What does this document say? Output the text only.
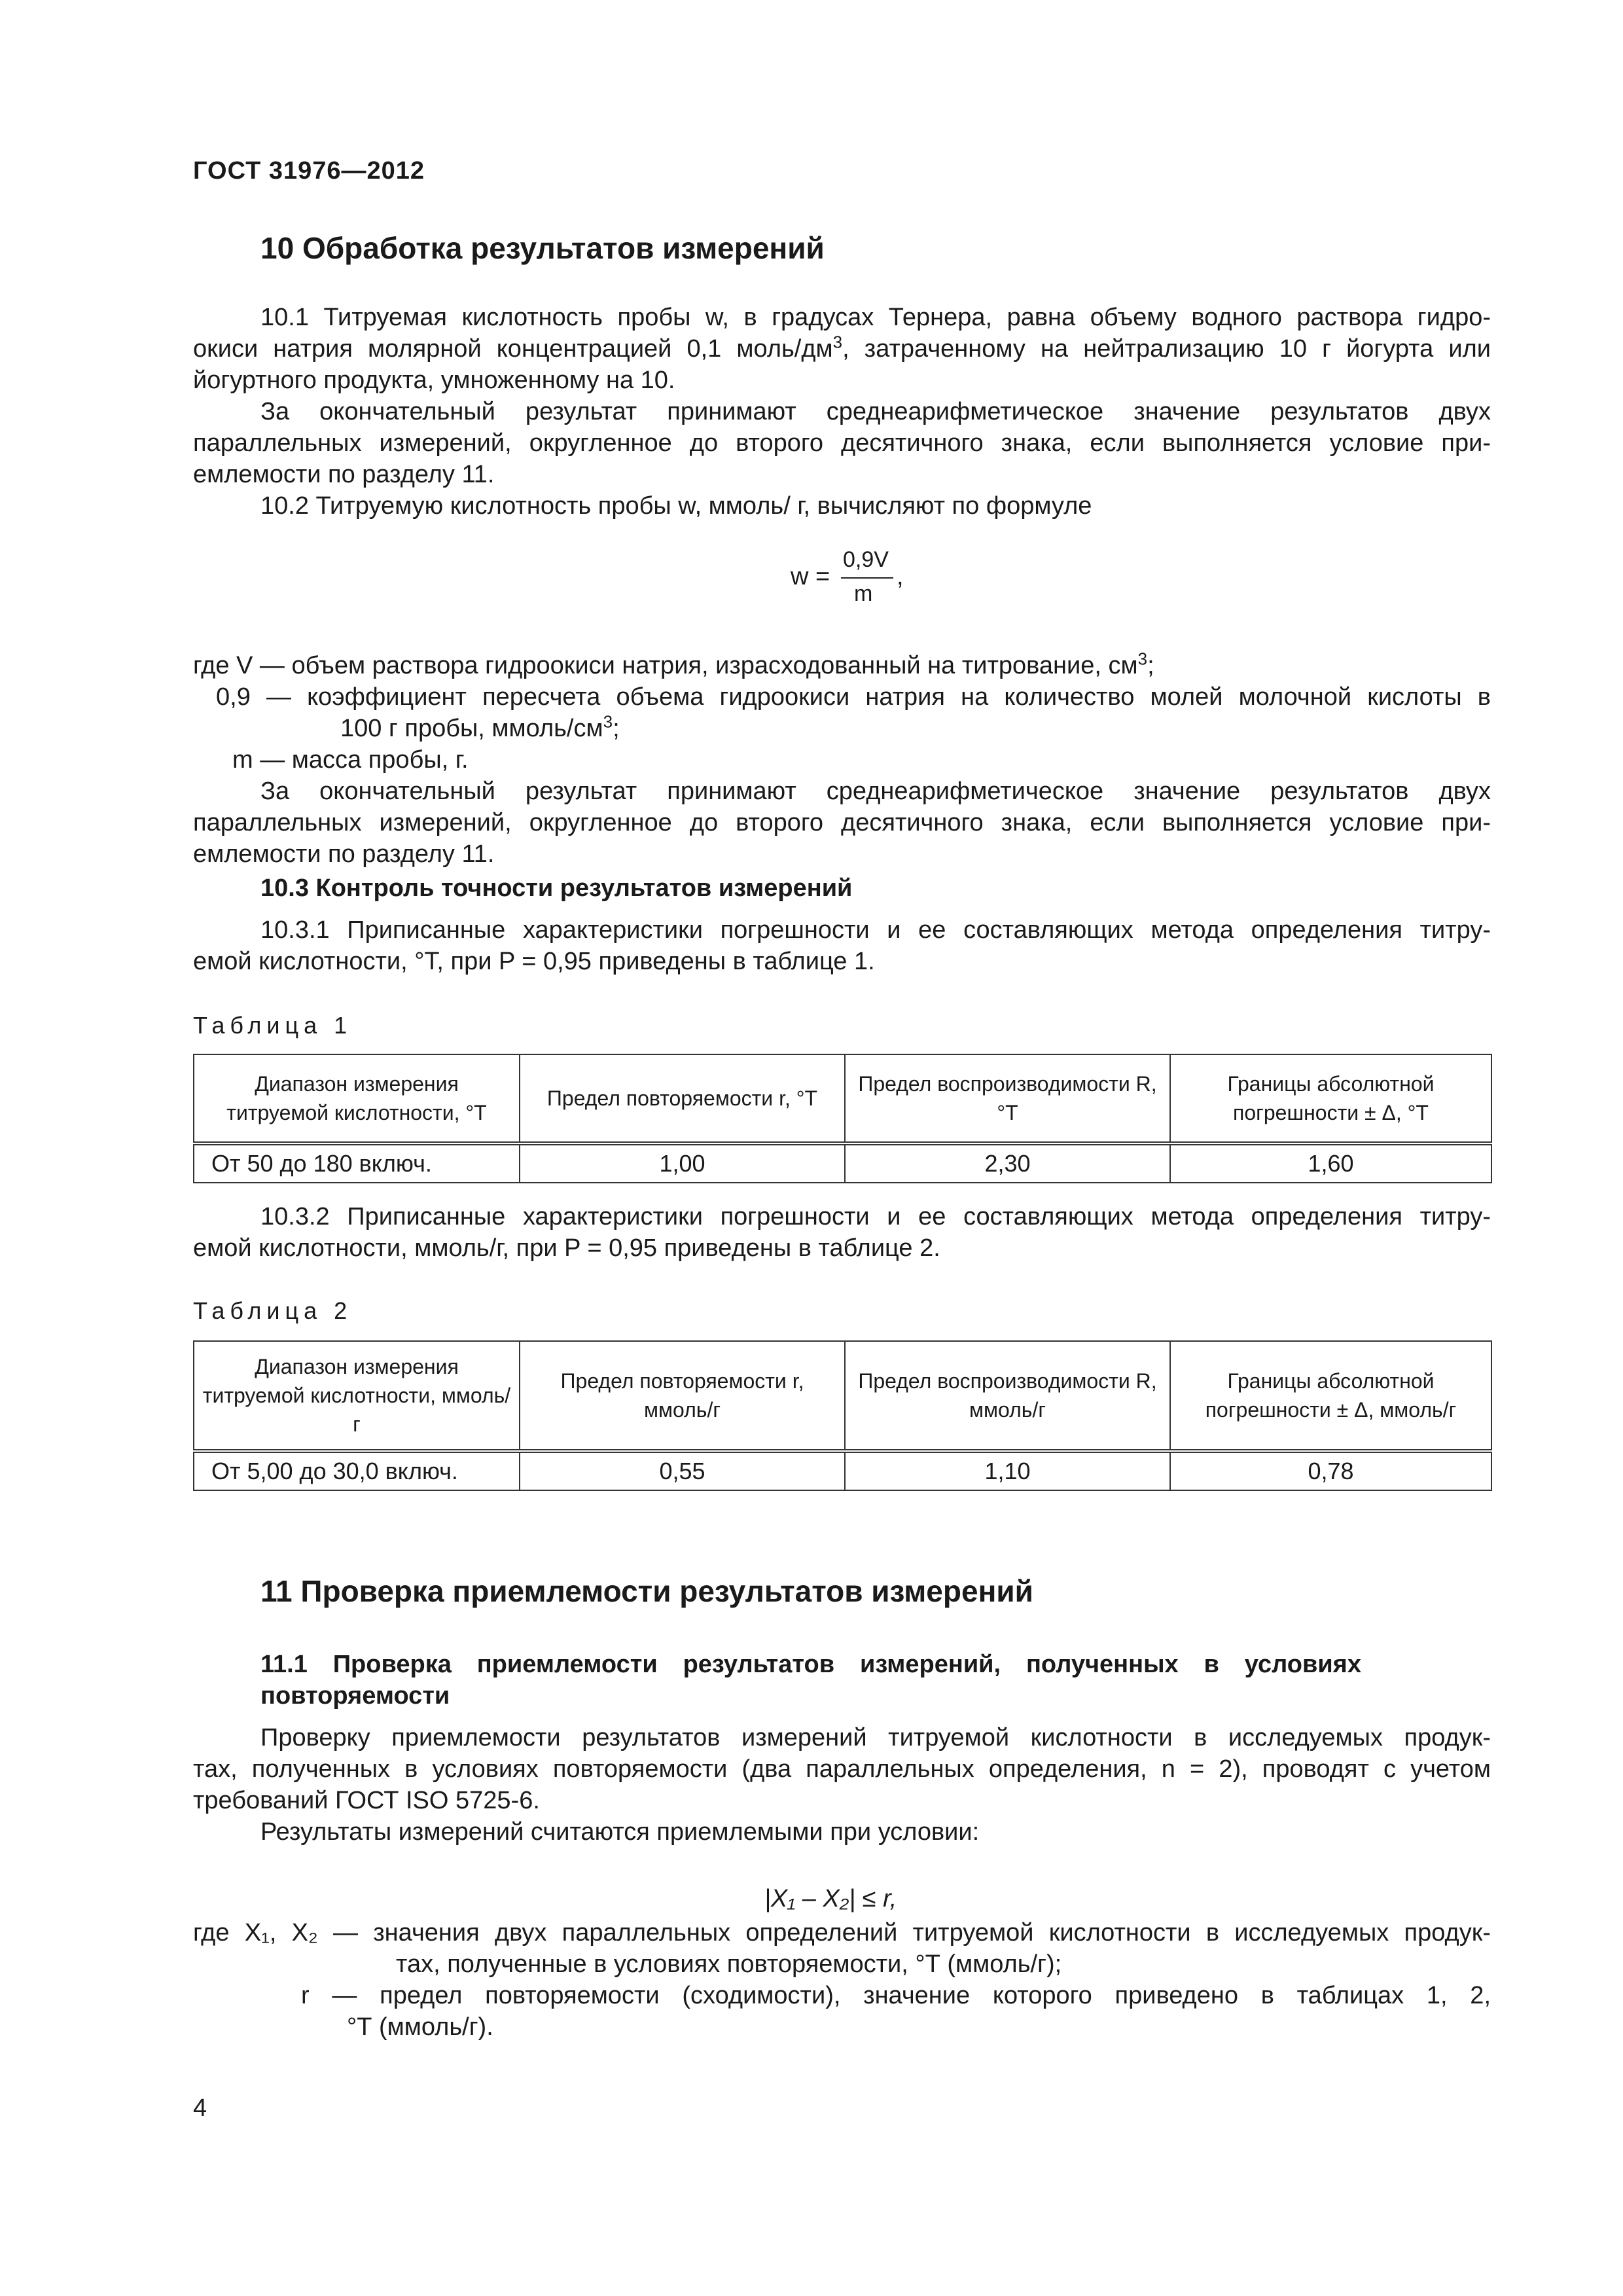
ГОСТ 31976—2012
10 Обработка результатов измерений
10.1 Титруемая кислотность пробы w, в градусах Тернера, равна объему водного раствора гидро-
окиси натрия молярной концентрацией 0,1 моль/$дм^3$, затраченному на нейтрализацию 10 г йогурта или
йогуртного продукта, умноженному на 10.
За окончательный результат принимают среднеарифметическое значение результатов двух
параллельных измерений, округленное до второго десятичного знака, если выполняется условие при-
емлемости по разделу 11.
10.2 Титруемую кислотность пробы w, ммоль/ г, вычисляют по формуле
w =
0,9V
m
,
где V — объем раствора гидроокиси натрия, израсходованный на титрование, $см^3$;
0,9 — коэффициент пересчета объема гидроокиси натрия на количество молей молочной кислоты в
100 г пробы, ммоль/$см^3$;
m — масса пробы, г.
За окончательный результат принимают среднеарифметическое значение результатов двух
параллельных измерений, округленное до второго десятичного знака, если выполняется условие при-
емлемости по разделу 11.
10.3 Контроль точности результатов измерений
10.3.1 Приписанные характеристики погрешности и ее составляющих метода определения титру-
емой кислотности, °Т, при P = 0,95 приведены в таблице 1.
Таблица 1
Диапазон измерения титруемой кислотности, °Т	Предел повторяемости r, °Т	Предел воспроизводимости R, °Т	Границы абсолютной погрешности ± Δ, °Т
От 50 до 180 включ.	1,00	2,30	1,60
10.3.2 Приписанные характеристики погрешности и ее составляющих метода определения титру-
емой кислотности, ммоль/г, при P = 0,95 приведены в таблице 2.
Таблица 2
Диапазон измерения титруемой кислотности, ммоль/г	Предел повторяемости r, ммоль/г	Предел воспроизводимости R, ммоль/г	Границы абсолютной погрешности ± Δ, ммоль/г
От 5,00 до 30,0 включ.	0,55	1,10	0,78
11 Проверка приемлемости результатов измерений
11.1 Проверка приемлемости результатов измерений, полученных в условиях
повторяемости
Проверку приемлемости результатов измерений титруемой кислотности в исследуемых продук-
тах, полученных в условиях повторяемости (два параллельных определения, n = 2), проводят с учетом
требований ГОСТ ISO 5725-6.
Результаты измерений считаются приемлемыми при условии:
|X₁ – X₂| ≤ r,
где X₁, X₂ — значения двух параллельных определений титруемой кислотности в исследуемых продук-
тах, полученные в условиях повторяемости, °Т (ммоль/г);
r — предел повторяемости (сходимости), значение которого приведено в таблицах 1, 2,
°Т (ммоль/г).
4
